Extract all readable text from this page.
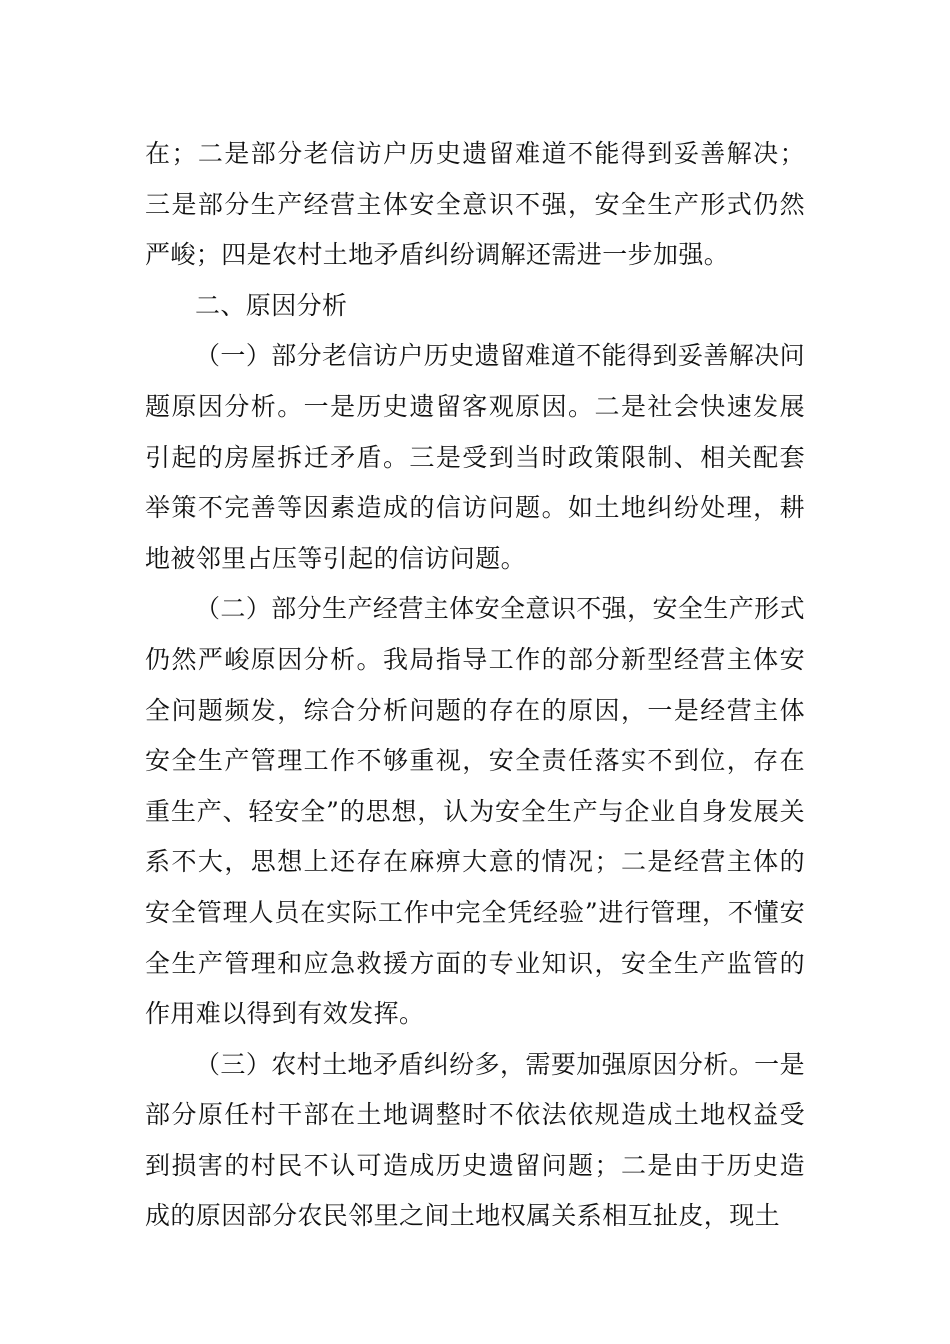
在；二是部分老信访户历史遗留难道不能得到妥善解决；三是部分生产经营主体安全意识不强，安全生产形式仍然严峻；四是农村土地矛盾纠纷调解还需进一步加强。

二、原因分析

（一）部分老信访户历史遗留难道不能得到妥善解决问题原因分析。一是历史遗留客观原因。二是社会快速发展引起的房屋拆迁矛盾。三是受到当时政策限制、相关配套举策不完善等因素造成的信访问题。如土地纠纷处理，耕地被邻里占压等引起的信访问题。

（二）部分生产经营主体安全意识不强，安全生产形式仍然严峻原因分析。我局指导工作的部分新型经营主体安全问题频发，综合分析问题的存在的原因，一是经营主体安全生产管理工作不够重视，安全责任落实不到位，存在重生产、轻安全”的思想，认为安全生产与企业自身发展关系不大，思想上还存在麻痹大意的情况；二是经营主体的安全管理人员在实际工作中完全凭经验”进行管理，不懂安全生产管理和应急救援方面的专业知识，安全生产监管的作用难以得到有效发挥。

（三）农村土地矛盾纠纷多，需要加强原因分析。一是部分原任村干部在土地调整时不依法依规造成土地权益受到损害的村民不认可造成历史遗留问题；二是由于历史造成的原因部分农民邻里之间土地权属关系相互扯皮，现土
